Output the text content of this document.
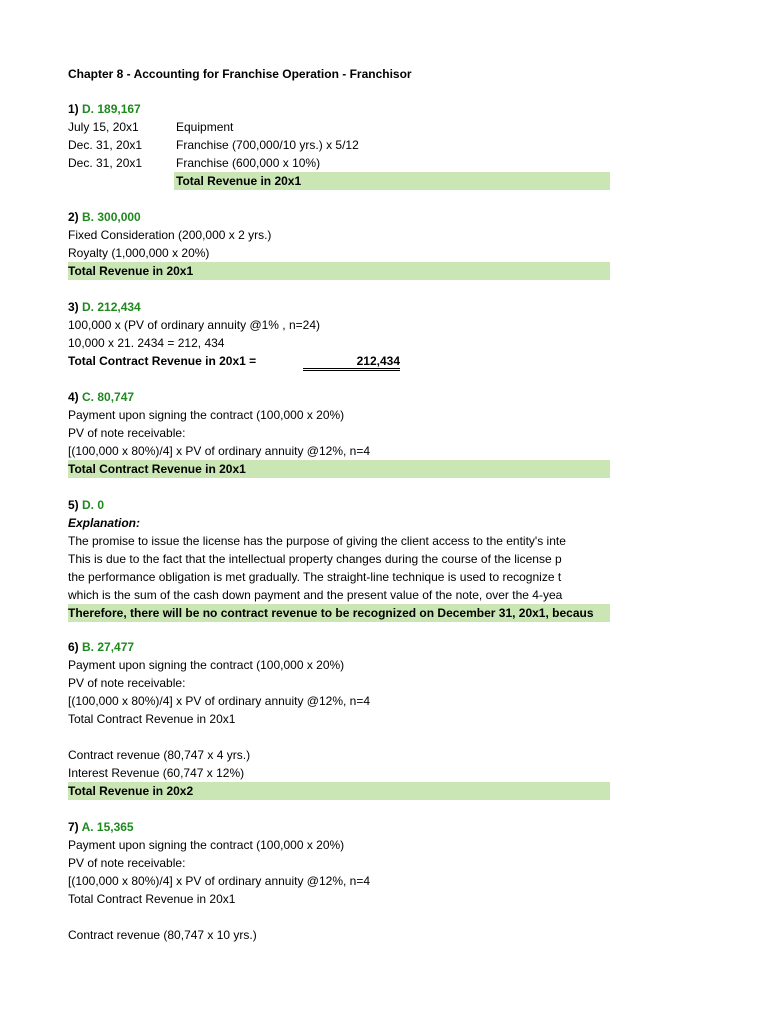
Chapter 8 - Accounting for Franchise Operation - Franchisor
1) D. 189,167
July 15, 20x1	Equipment
Dec. 31, 20x1	Franchise (700,000/10 yrs.) x 5/12
Dec. 31, 20x1	Franchise (600,000 x 10%)
Total Revenue in 20x1
2) B. 300,000
Fixed Consideration (200,000 x 2 yrs.)
Royalty (1,000,000 x 20%)
Total Revenue in 20x1
3) D. 212,434
100,000 x (PV of ordinary annuity @1% , n=24)
10,000 x 21. 2434 = 212, 434
Total Contract Revenue in 20x1 =	212,434
4) C. 80,747
Payment upon signing the contract (100,000 x 20%)
PV of note receivable:
[(100,000 x 80%)/4] x PV of ordinary annuity @12%, n=4
Total Contract Revenue in 20x1
5) D. 0
Explanation:
The promise to issue the license has the purpose of giving the client access to the entity's inte
This is due to the fact that the intellectual property changes during the course of the license p
the performance obligation is met gradually. The straight-line technique is used to recognize t
which is the sum of the cash down payment and the present value of the note, over the 4-yea
Therefore, there will be no contract revenue to be recognized on December 31, 20x1, becaus
6) B. 27,477
Payment upon signing the contract (100,000 x 20%)
PV of note receivable:
[(100,000 x 80%)/4] x PV of ordinary annuity @12%, n=4
Total Contract Revenue in 20x1
Contract revenue (80,747 x 4 yrs.)
Interest Revenue (60,747 x 12%)
Total Revenue in 20x2
7) A. 15,365
Payment upon signing the contract (100,000 x 20%)
PV of note receivable:
[(100,000 x 80%)/4] x PV of ordinary annuity @12%, n=4
Total Contract Revenue in 20x1
Contract revenue (80,747 x 10 yrs.)
